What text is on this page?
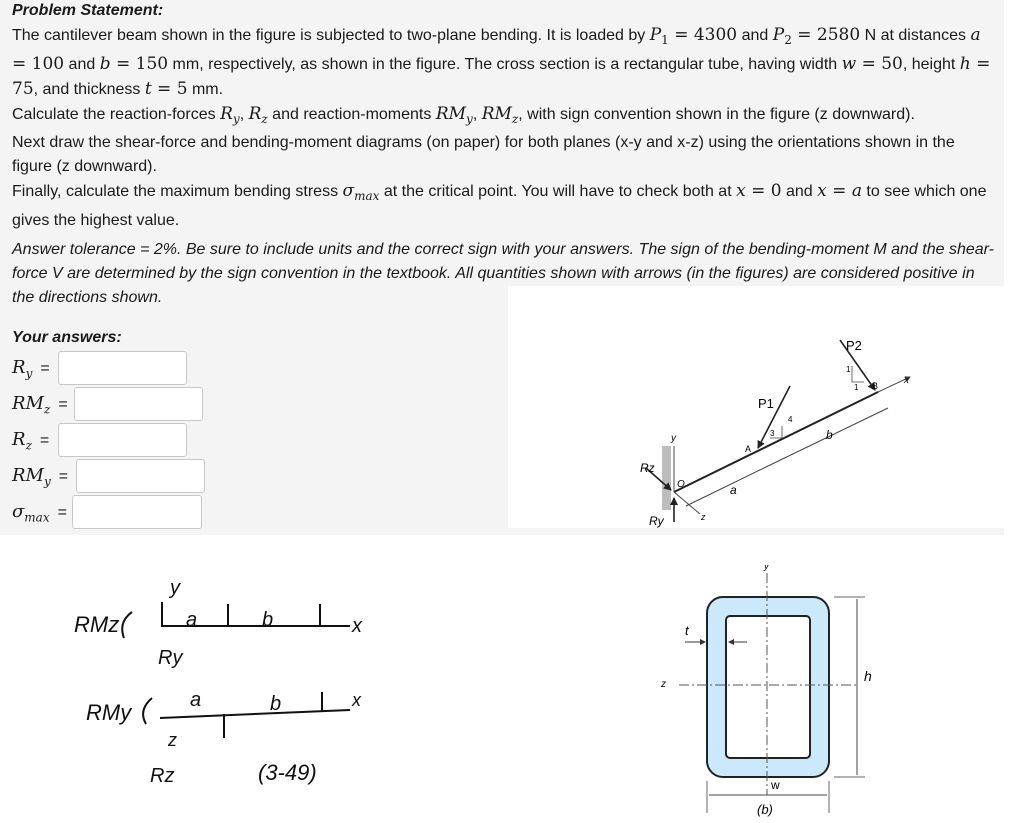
Problem Statement:

The cantilever beam shown in the figure is subjected to two-plane bending. It is loaded by $P_1 = 4300$ and $P_2 = 2580$ N at distances a = 100 and b = 150 mm, respectively, as shown in the figure. The cross section is a rectangular tube, having width w = 50, height h = 75, and thickness t = 5 mm.

Calculate the reaction-forces $R_y$, $R_z$ and reaction-moments $RM_y$, $RM_z$, with sign convention shown in the figure (z downward).

Next draw the shear-force and bending-moment diagrams (on paper) for both planes (x-y and x-z) using the orientations shown in the figure (z downward).

Finally, calculate the maximum bending stress $\sigma_{max}$ at the critical point. You will have to check both at x = 0 and x = a to see which one gives the highest value.

Answer tolerance = 2%. Be sure to include units and the correct sign with your answers. The sign of the bending-moment M and the shear-force V are determined by the sign convention in the textbook. All quantities shown with arrows (in the figures) are considered positive in the directions shown.
Your answers:
$R_y$ =
$RM_z$ =
$R_z$ =
$RM_y$ =
$\sigma_{max}$ =
x
y
z
O	a
b
Rz
Ry
3
4
P1
A
1
1
P2
B
RMz
y
a	b	x
Ry
RMy	a	b	x
z
Rz	(3-49)
y
z
t
h
w
(b)
